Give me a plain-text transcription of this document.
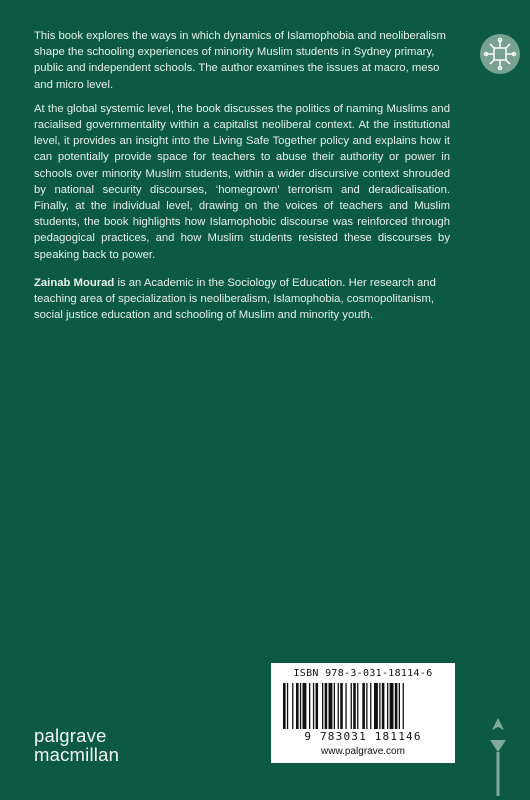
This book explores the ways in which dynamics of Islamophobia and neoliberalism shape the schooling experiences of minority Muslim students in Sydney primary, public and independent schools. The author examines the issues at macro, meso and micro level.

At the global systemic level, the book discusses the politics of naming Muslims and racialised governmentality within a capitalist neoliberal context. At the institutional level, it provides an insight into the Living Safe Together policy and explains how it can potentially provide space for teachers to abuse their authority or power in schools over minority Muslim students, within a wider discursive context shrouded by national security discourses, ‘homegrown’ terrorism and deradicalisation. Finally, at the individual level, drawing on the voices of teachers and Muslim students, the book highlights how Islamophobic discourse was reinforced through pedagogical practices, and how Muslim students resisted these discourses by speaking back to power.

Zainab Mourad is an Academic in the Sociology of Education. Her research and teaching area of specialization is neoliberalism, Islamophobia, cosmopolitanism, social justice education and schooling of Muslim and minority youth.

ISBN 978-3-031-18114-6
9 783031 181146
www.palgrave.com
palgrave
macmillan
